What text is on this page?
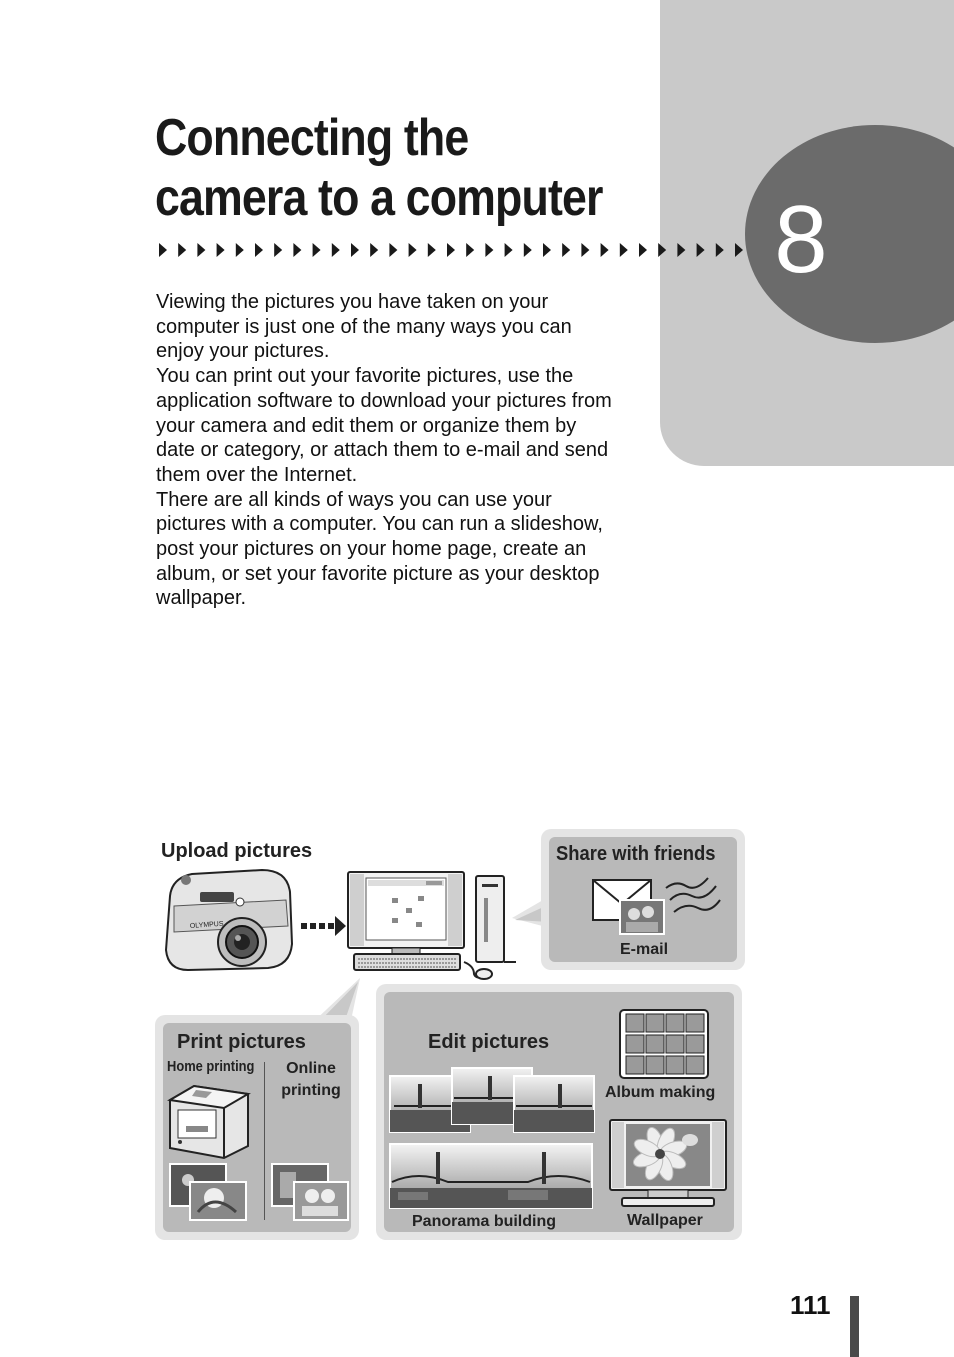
8
Connecting the
camera to a computer

Viewing the pictures you have taken on your computer is just one of the many ways you can enjoy your pictures.

You can print out your favorite pictures, use the application software to download your pictures from your camera and edit them or organize them by date or category, or attach them to e-mail and send them over the Internet.

There are all kinds of ways you can use your pictures with a computer. You can run a slideshow, post your pictures on your home page, create an album, or set your favorite picture as your desktop wallpaper.

Upload pictures	Share with friends
E-mail
Print pictures
Home printing	Online
printing
Edit pictures
Album making
Panorama building	Wallpaper
OLYMPUS
111
